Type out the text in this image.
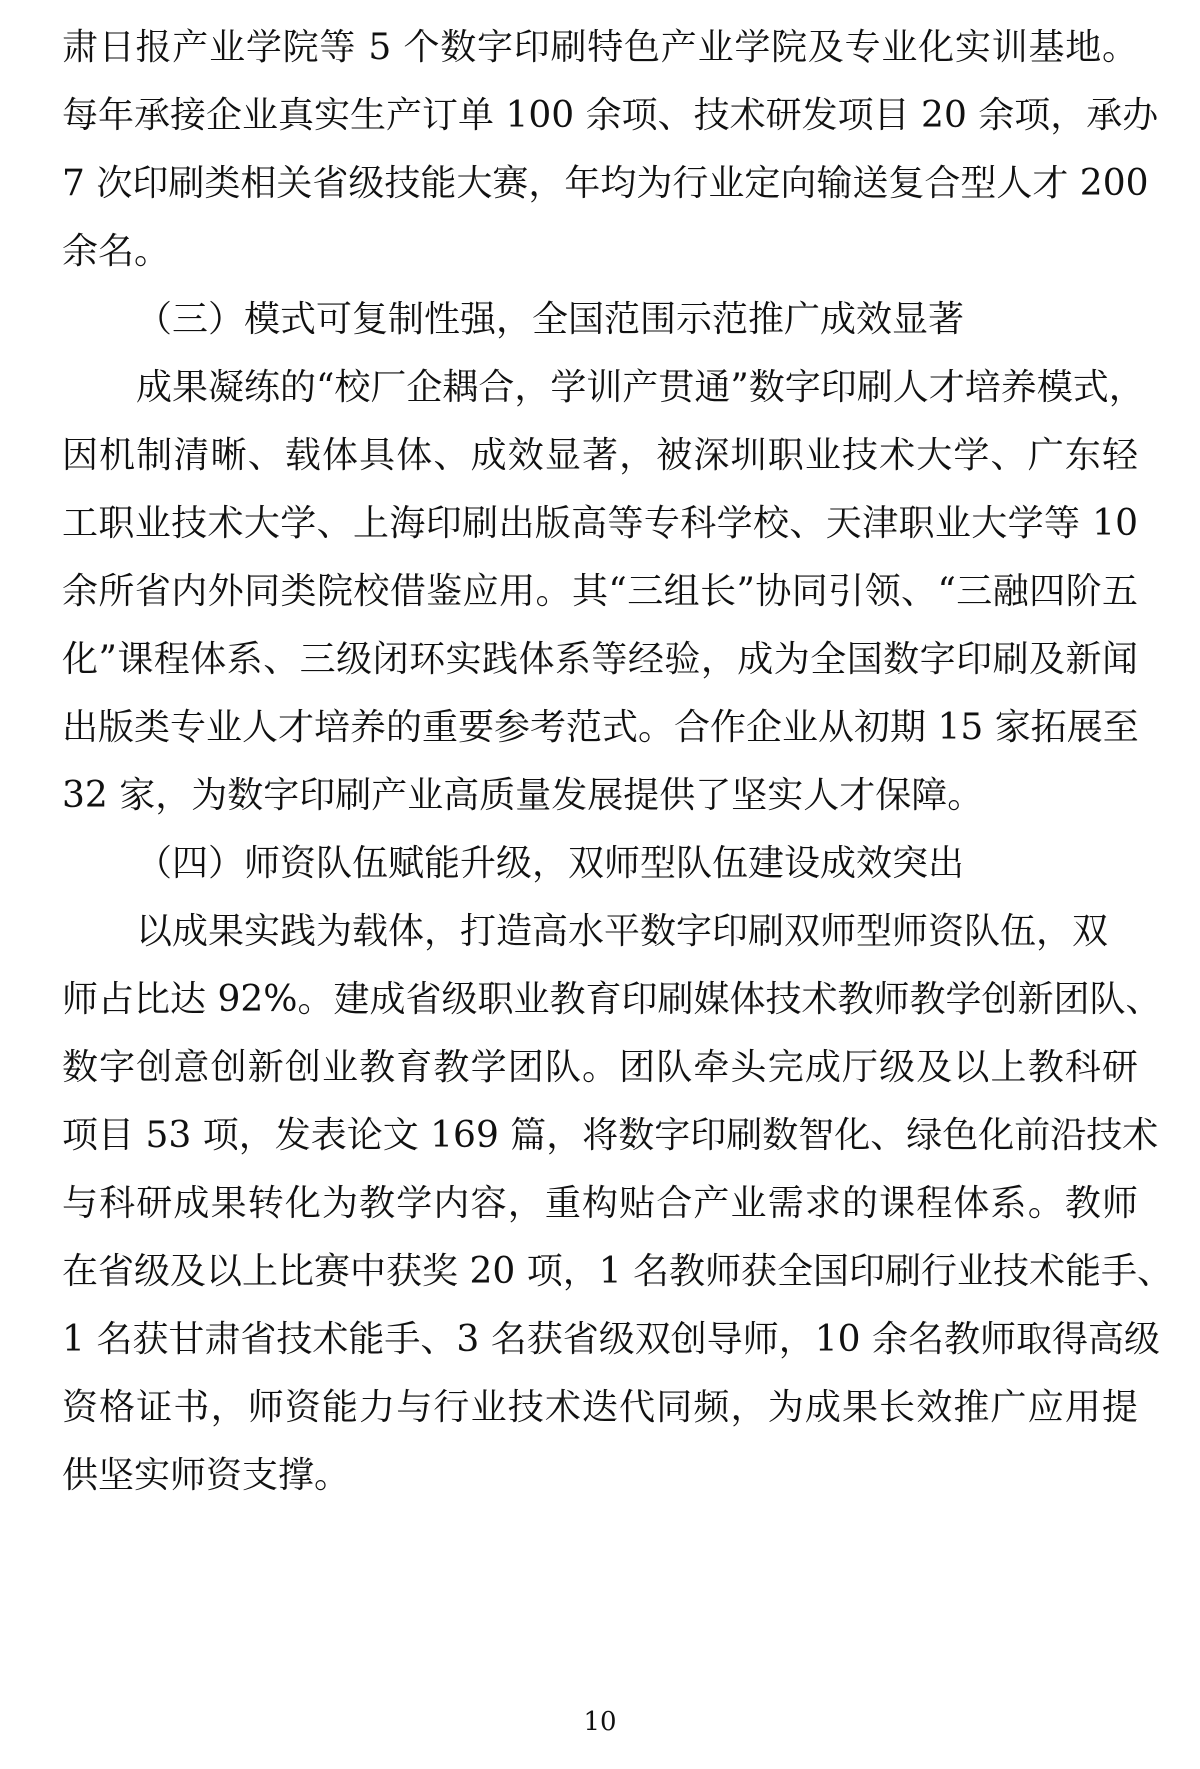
肃日报产业学院等 5 个数字印刷特色产业学院及专业化实训基地。
每年承接企业真实生产订单 100 余项、技术研发项目 20 余项，承办
7 次印刷类相关省级技能大赛，年均为行业定向输送复合型人才 200
余名。
（三）模式可复制性强，全国范围示范推广成效显著
成果凝练的“校厂企耦合，学训产贯通”数字印刷人才培养模式，
因机制清晰、载体具体、成效显著，被深圳职业技术大学、广东轻
工职业技术大学、上海印刷出版高等专科学校、天津职业大学等 10
余所省内外同类院校借鉴应用。其“三组长”协同引领、“三融四阶五
化”课程体系、三级闭环实践体系等经验，成为全国数字印刷及新闻
出版类专业人才培养的重要参考范式。合作企业从初期 15 家拓展至
32 家，为数字印刷产业高质量发展提供了坚实人才保障。
（四）师资队伍赋能升级，双师型队伍建设成效突出
以成果实践为载体，打造高水平数字印刷双师型师资队伍，双
师占比达 92%。建成省级职业教育印刷媒体技术教师教学创新团队、
数字创意创新创业教育教学团队。团队牵头完成厅级及以上教科研
项目 53 项，发表论文 169 篇，将数字印刷数智化、绿色化前沿技术
与科研成果转化为教学内容，重构贴合产业需求的课程体系。教师
在省级及以上比赛中获奖 20 项，1 名教师获全国印刷行业技术能手、
1 名获甘肃省技术能手、3 名获省级双创导师，10 余名教师取得高级
资格证书，师资能力与行业技术迭代同频，为成果长效推广应用提
供坚实师资支撑。
10
